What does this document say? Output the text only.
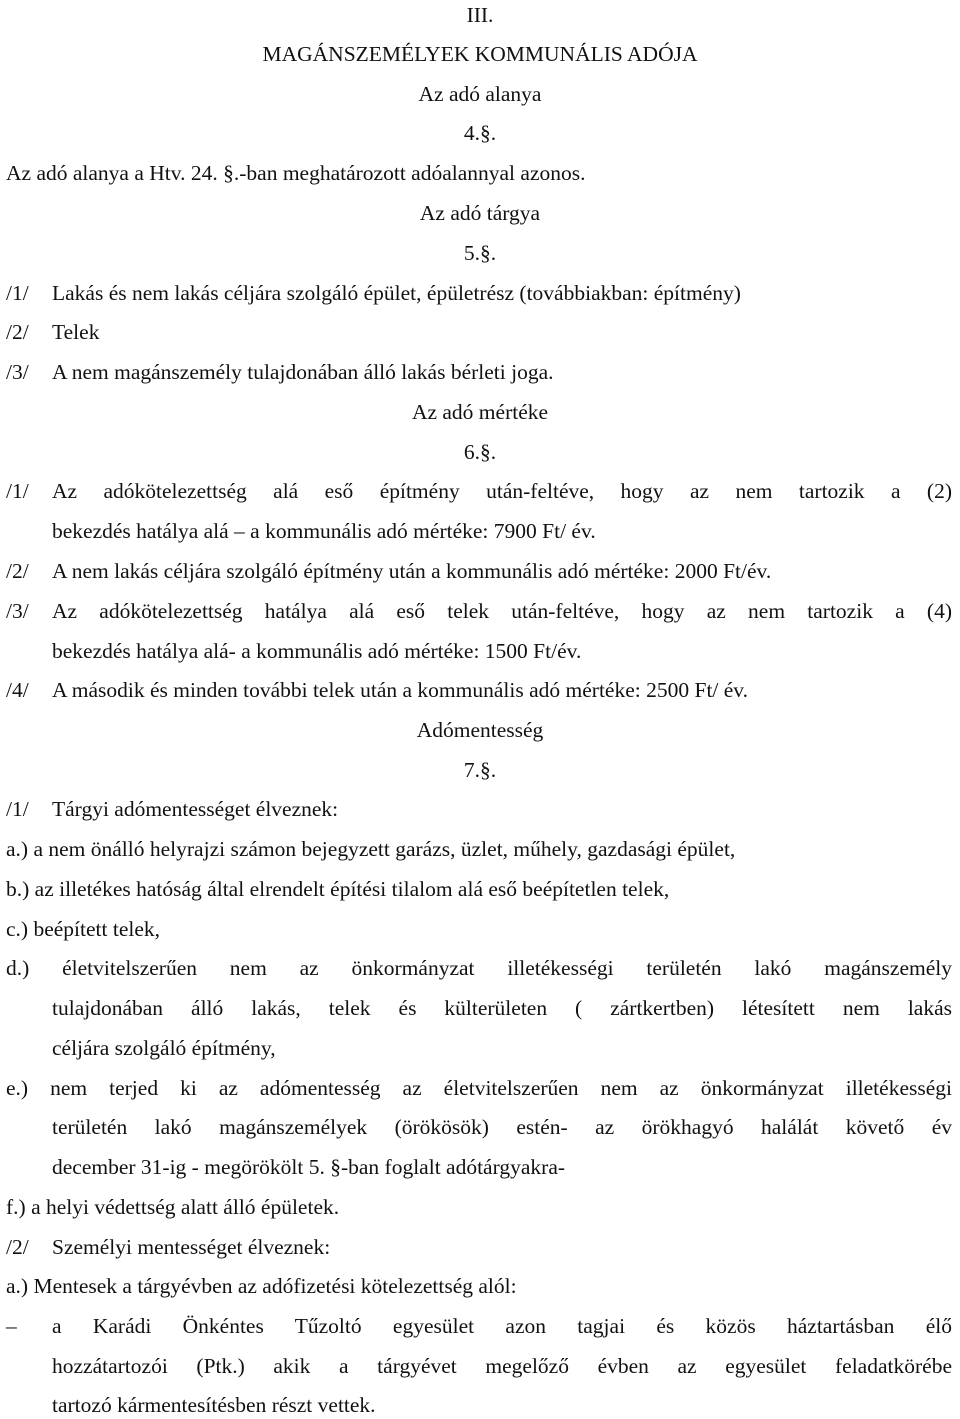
III.
MAGÁNSZEMÉLYEK KOMMUNÁLIS ADÓJA
Az adó alanya
4.§.
Az adó alanya a Htv. 24. §.-ban meghatározott adóalannyal azonos.
Az adó tárgya
5.§.
/1/ Lakás és nem lakás céljára szolgáló épület, épületrész (továbbiakban: építmény)
/2/ Telek
/3/ A nem magánszemély tulajdonában álló lakás bérleti joga.
Az adó mértéke
6.§.
/1/ Az adókötelezettség alá eső építmény után-feltéve, hogy az nem tartozik a (2)
bekezdés hatálya alá – a kommunális adó mértéke: 7900 Ft/ év.
/2/ A nem lakás céljára szolgáló építmény után a kommunális adó mértéke: 2000 Ft/év.
/3/ Az adókötelezettség hatálya alá eső telek után-feltéve, hogy az nem tartozik a (4)
bekezdés hatálya alá- a kommunális adó mértéke: 1500 Ft/év.
/4/ A második és minden további telek után a kommunális adó mértéke: 2500 Ft/ év.
Adómentesség
7.§.
/1/ Tárgyi adómentességet élveznek:
a.) a nem önálló helyrajzi számon bejegyzett garázs, üzlet, műhely, gazdasági épület,
b.) az illetékes hatóság által elrendelt építési tilalom alá eső beépítetlen telek,
c.) beépített telek,
d.) életvitelszerűen nem az önkormányzat illetékességi területén lakó magánszemély
tulajdonában álló lakás, telek és külterületen ( zártkertben) létesített nem lakás
céljára szolgáló építmény,
e.) nem terjed ki az adómentesség az életvitelszerűen nem az önkormányzat illetékességi
területén lakó magánszemélyek (örökösök) estén- az örökhagyó halálát követő év
december 31-ig - megörökölt 5. §-ban foglalt adótárgyakra-
f.) a helyi védettség alatt álló épületek.
/2/ Személyi mentességet élveznek:
a.) Mentesek a tárgyévben az adófizetési kötelezettség alól:
– a Karádi Önkéntes Tűzoltó egyesület azon tagjai és közös háztartásban élő
hozzátartozói (Ptk.) akik a tárgyévet megelőző évben az egyesület feladatkörébe
tartozó kármentesítésben részt vettek.
